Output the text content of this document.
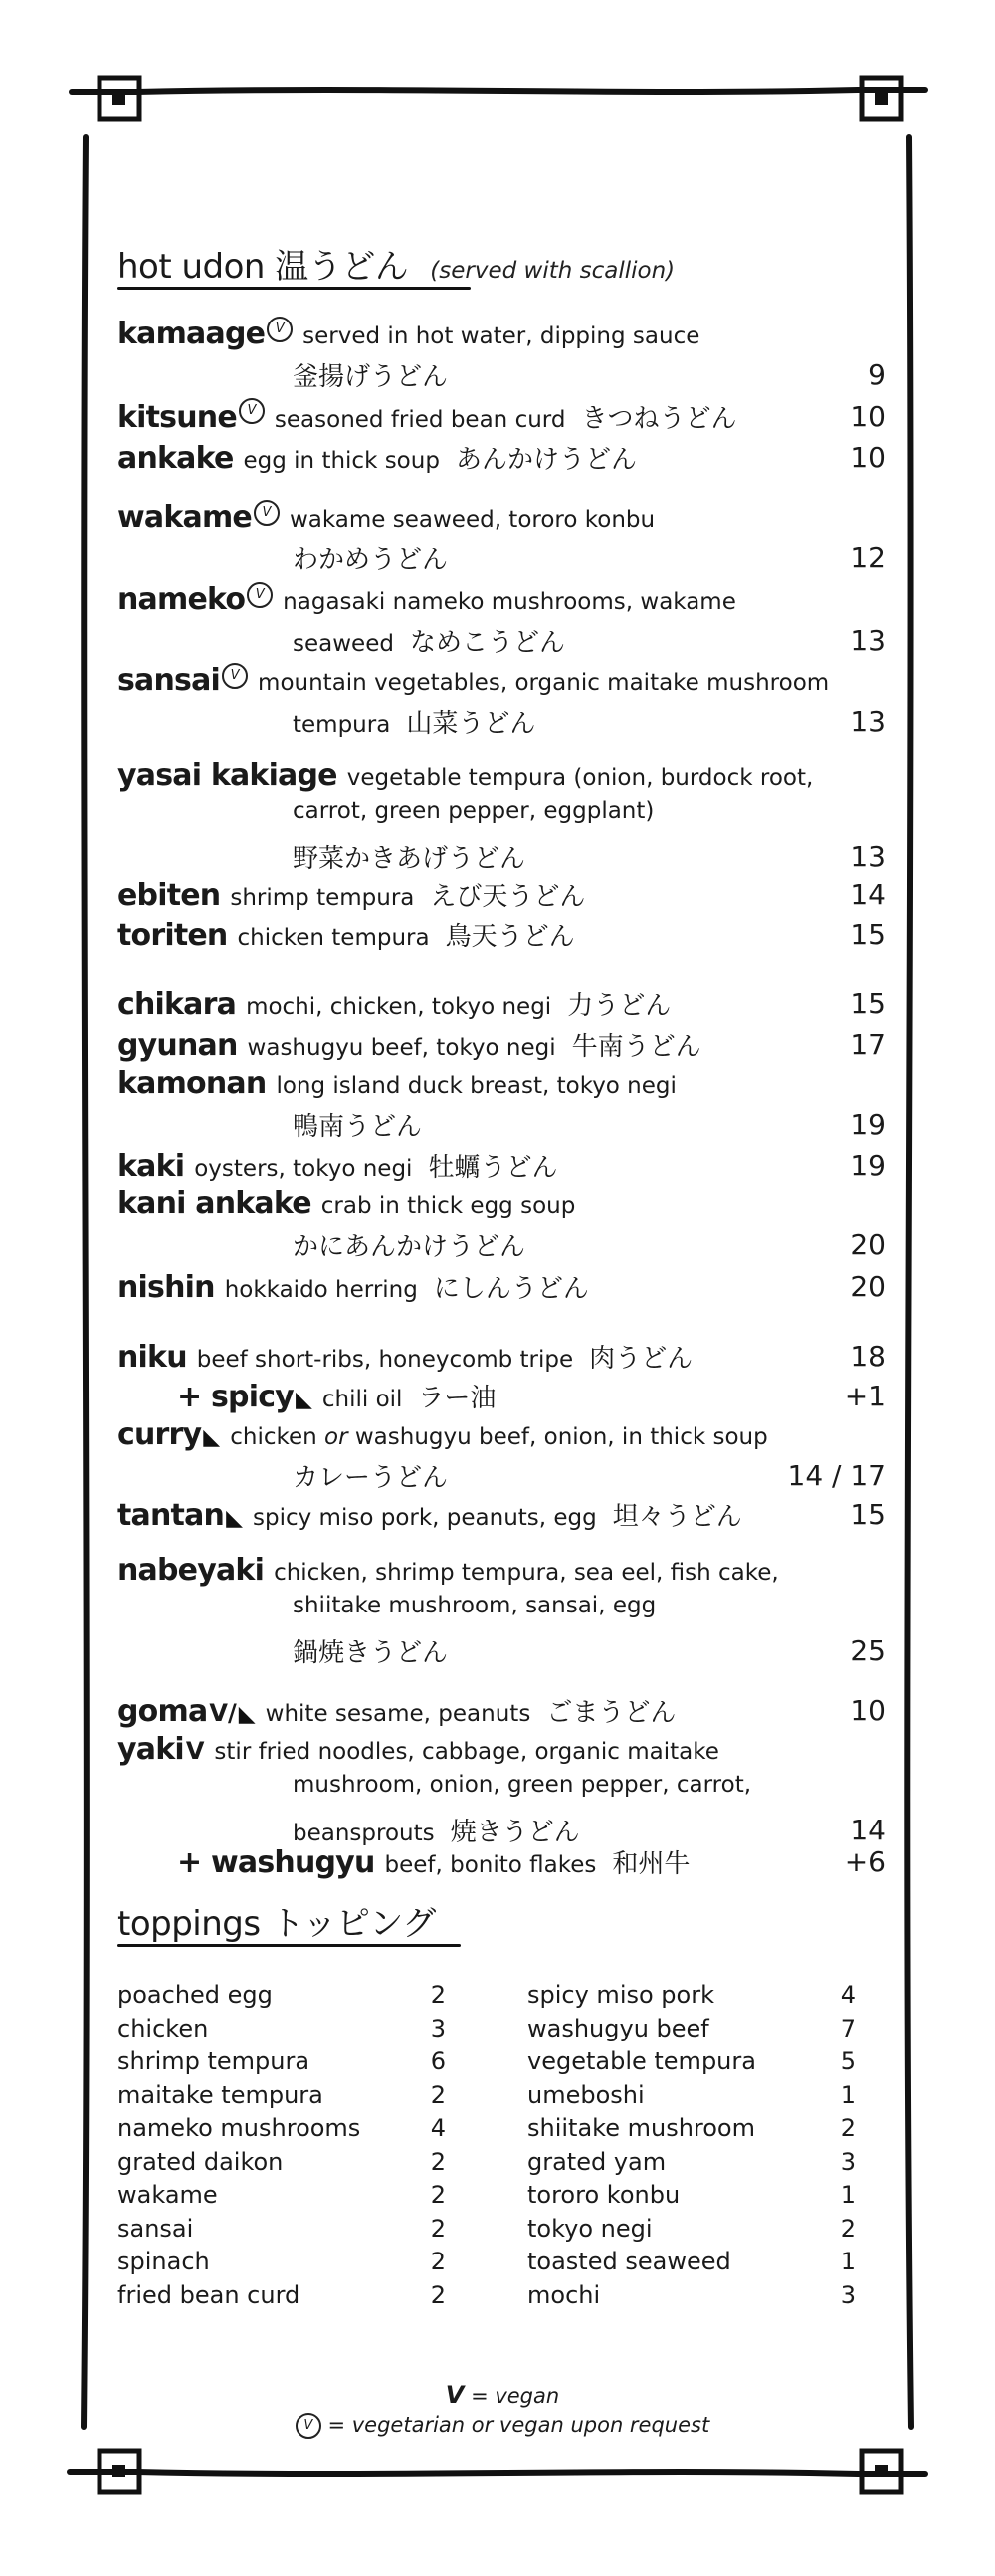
hot udon 温うどん (served with scallion)
kamaage V served in hot water, dipping sauce
釜揚げうどん	9
kitsune V seasoned fried bean curd きつねうどん	10
ankake egg in thick soup あんかけうどん	10
wakame V wakame seaweed, tororo konbu
わかめうどん	12
nameko V nagasaki nameko mushrooms, wakame
seaweed なめこうどん	13
sansai V mountain vegetables, organic maitake mushroom
tempura 山菜うどん	13
yasai kakiage vegetable tempura (onion, burdock root,
carrot, green pepper, eggplant)
野菜かきあげうどん	13
ebiten shrimp tempura えび天うどん	14
toriten chicken tempura 鳥天うどん	15
chikara mochi, chicken, tokyo negi 力うどん	15
gyunan washugyu beef, tokyo negi 牛南うどん	17
kamonan long island duck breast, tokyo negi
鴨南うどん	19
kaki oysters, tokyo negi 牡蠣うどん	19
kani ankake crab in thick egg soup
かにあんかけうどん	20
nishin hokkaido herring にしんうどん	20
niku beef short-ribs, honeycomb tripe 肉うどん	18
+ spicy◣ chili oil ラー油	+1
curry◣ chicken or washugyu beef, onion, in thick soup
カレーうどん	14 / 17
tantan◣ spicy miso pork, peanuts, egg 坦々うどん	15
nabeyaki chicken, shrimp tempura, sea eel, fish cake,
shiitake mushroom, sansai, egg
鍋焼きうどん	25
gomaV/◣ white sesame, peanuts ごまうどん	10
yakiV stir fried noodles, cabbage, organic maitake
mushroom, onion, green pepper, carrot,
beansprouts 焼きうどん	14
+ washugyu beef, bonito flakes 和州牛	+6
toppings トッピング
poached egg	2
chicken	3
shrimp tempura	6
maitake tempura	2
nameko mushrooms	4
grated daikon	2
wakame	2
sansai	2
spinach	2
fried bean curd	2
spicy miso pork	4
washugyu beef	7
vegetable tempura	5
umeboshi	1
shiitake mushroom	2
grated yam	3
tororo konbu	1
tokyo negi	2
toasted seaweed	1
mochi	3
V = vegan
V = vegetarian or vegan upon request
